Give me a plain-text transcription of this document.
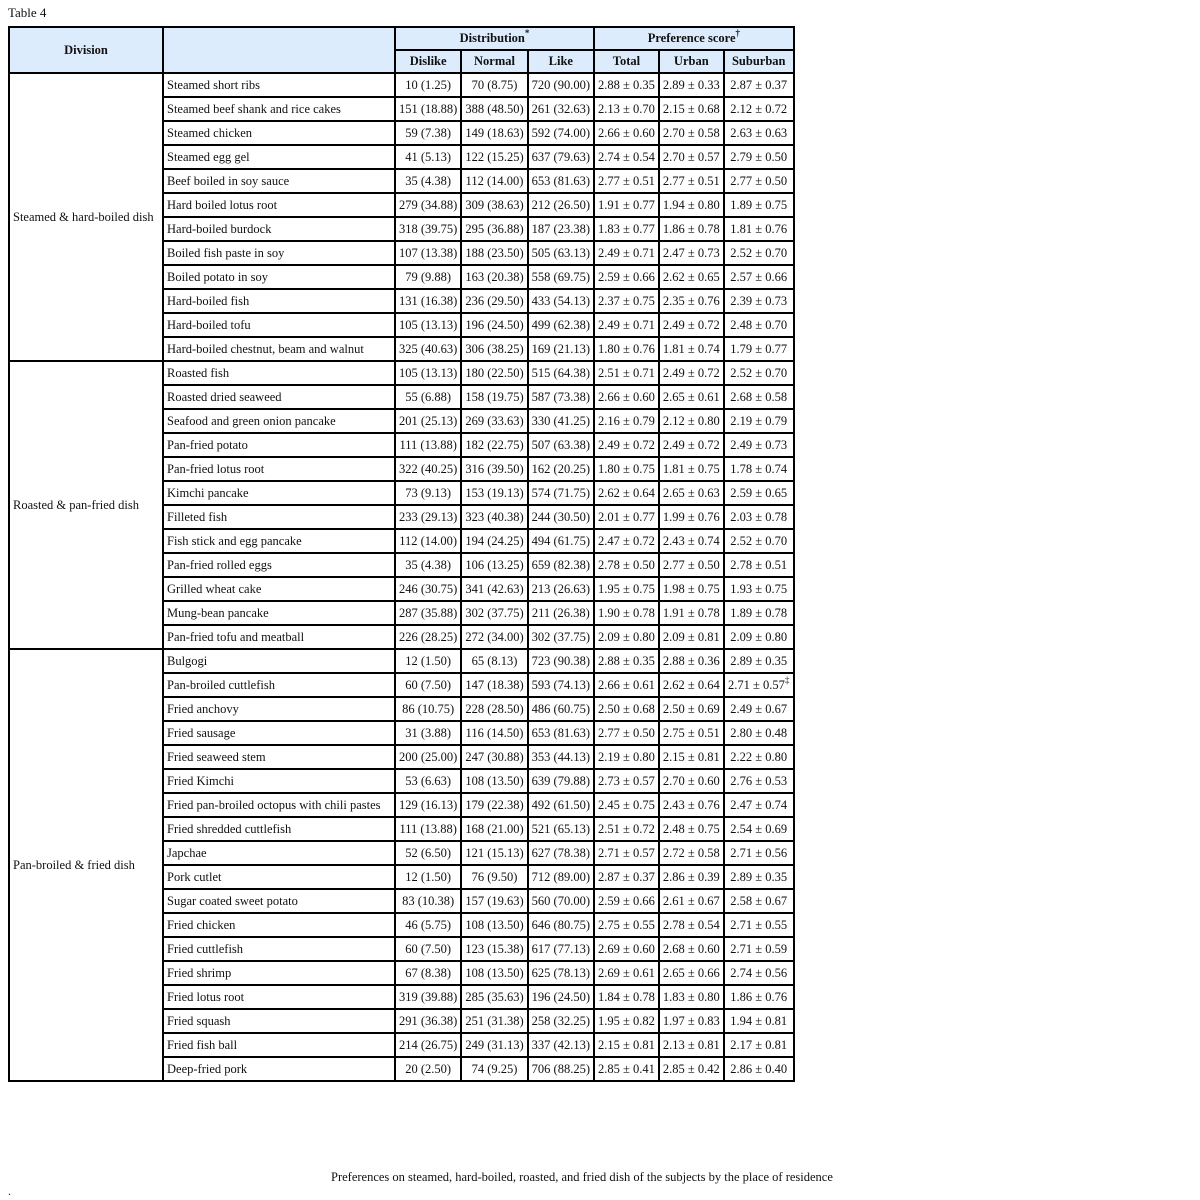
Table 4
Division		Distribution*			Preference score†
		Dislike	Normal	Like	Total	Urban	Suburban
Steamed & hard-boiled dish	Steamed short ribs	10 (1.25)	70 (8.75)	720 (90.00)	2.88 ± 0.35	2.89 ± 0.33	2.87 ± 0.37
	Steamed beef shank and rice cakes	151 (18.88)	388 (48.50)	261 (32.63)	2.13 ± 0.70	2.15 ± 0.68	2.12 ± 0.72
	Steamed chicken	59 (7.38)	149 (18.63)	592 (74.00)	2.66 ± 0.60	2.70 ± 0.58	2.63 ± 0.63
	Steamed egg gel	41 (5.13)	122 (15.25)	637 (79.63)	2.74 ± 0.54	2.70 ± 0.57	2.79 ± 0.50
	Beef boiled in soy sauce	35 (4.38)	112 (14.00)	653 (81.63)	2.77 ± 0.51	2.77 ± 0.51	2.77 ± 0.50
	Hard boiled lotus root	279 (34.88)	309 (38.63)	212 (26.50)	1.91 ± 0.77	1.94 ± 0.80	1.89 ± 0.75
	Hard-boiled burdock	318 (39.75)	295 (36.88)	187 (23.38)	1.83 ± 0.77	1.86 ± 0.78	1.81 ± 0.76
	Boiled fish paste in soy	107 (13.38)	188 (23.50)	505 (63.13)	2.49 ± 0.71	2.47 ± 0.73	2.52 ± 0.70
	Boiled potato in soy	79 (9.88)	163 (20.38)	558 (69.75)	2.59 ± 0.66	2.62 ± 0.65	2.57 ± 0.66
	Hard-boiled fish	131 (16.38)	236 (29.50)	433 (54.13)	2.37 ± 0.75	2.35 ± 0.76	2.39 ± 0.73
	Hard-boiled tofu	105 (13.13)	196 (24.50)	499 (62.38)	2.49 ± 0.71	2.49 ± 0.72	2.48 ± 0.70
	Hard-boiled chestnut, beam and walnut	325 (40.63)	306 (38.25)	169 (21.13)	1.80 ± 0.76	1.81 ± 0.74	1.79 ± 0.77
Roasted & pan-fried dish	Roasted fish	105 (13.13)	180 (22.50)	515 (64.38)	2.51 ± 0.71	2.49 ± 0.72	2.52 ± 0.70
	Roasted dried seaweed	55 (6.88)	158 (19.75)	587 (73.38)	2.66 ± 0.60	2.65 ± 0.61	2.68 ± 0.58
	Seafood and green onion pancake	201 (25.13)	269 (33.63)	330 (41.25)	2.16 ± 0.79	2.12 ± 0.80	2.19 ± 0.79
	Pan-fried potato	111 (13.88)	182 (22.75)	507 (63.38)	2.49 ± 0.72	2.49 ± 0.72	2.49 ± 0.73
	Pan-fried lotus root	322 (40.25)	316 (39.50)	162 (20.25)	1.80 ± 0.75	1.81 ± 0.75	1.78 ± 0.74
	Kimchi pancake	73 (9.13)	153 (19.13)	574 (71.75)	2.62 ± 0.64	2.65 ± 0.63	2.59 ± 0.65
	Filleted fish	233 (29.13)	323 (40.38)	244 (30.50)	2.01 ± 0.77	1.99 ± 0.76	2.03 ± 0.78
	Fish stick and egg pancake	112 (14.00)	194 (24.25)	494 (61.75)	2.47 ± 0.72	2.43 ± 0.74	2.52 ± 0.70
	Pan-fried rolled eggs	35 (4.38)	106 (13.25)	659 (82.38)	2.78 ± 0.50	2.77 ± 0.50	2.78 ± 0.51
	Grilled wheat cake	246 (30.75)	341 (42.63)	213 (26.63)	1.95 ± 0.75	1.98 ± 0.75	1.93 ± 0.75
	Mung-bean pancake	287 (35.88)	302 (37.75)	211 (26.38)	1.90 ± 0.78	1.91 ± 0.78	1.89 ± 0.78
	Pan-fried tofu and meatball	226 (28.25)	272 (34.00)	302 (37.75)	2.09 ± 0.80	2.09 ± 0.81	2.09 ± 0.80
Pan-broiled & fried dish	Bulgogi	12 (1.50)	65 (8.13)	723 (90.38)	2.88 ± 0.35	2.88 ± 0.36	2.89 ± 0.35
	Pan-broiled cuttlefish	60 (7.50)	147 (18.38)	593 (74.13)	2.66 ± 0.61	2.62 ± 0.64	2.71 ± 0.57‡
	Fried anchovy	86 (10.75)	228 (28.50)	486 (60.75)	2.50 ± 0.68	2.50 ± 0.69	2.49 ± 0.67
	Fried sausage	31 (3.88)	116 (14.50)	653 (81.63)	2.77 ± 0.50	2.75 ± 0.51	2.80 ± 0.48
	Fried seaweed stem	200 (25.00)	247 (30.88)	353 (44.13)	2.19 ± 0.80	2.15 ± 0.81	2.22 ± 0.80
	Fried Kimchi	53 (6.63)	108 (13.50)	639 (79.88)	2.73 ± 0.57	2.70 ± 0.60	2.76 ± 0.53
	Fried pan-broiled octopus with chili pastes	129 (16.13)	179 (22.38)	492 (61.50)	2.45 ± 0.75	2.43 ± 0.76	2.47 ± 0.74
	Fried shredded cuttlefish	111 (13.88)	168 (21.00)	521 (65.13)	2.51 ± 0.72	2.48 ± 0.75	2.54 ± 0.69
	Japchae	52 (6.50)	121 (15.13)	627 (78.38)	2.71 ± 0.57	2.72 ± 0.58	2.71 ± 0.56
	Pork cutlet	12 (1.50)	76 (9.50)	712 (89.00)	2.87 ± 0.37	2.86 ± 0.39	2.89 ± 0.35
	Sugar coated sweet potato	83 (10.38)	157 (19.63)	560 (70.00)	2.59 ± 0.66	2.61 ± 0.67	2.58 ± 0.67
	Fried chicken	46 (5.75)	108 (13.50)	646 (80.75)	2.75 ± 0.55	2.78 ± 0.54	2.71 ± 0.55
	Fried cuttlefish	60 (7.50)	123 (15.38)	617 (77.13)	2.69 ± 0.60	2.68 ± 0.60	2.71 ± 0.59
	Fried shrimp	67 (8.38)	108 (13.50)	625 (78.13)	2.69 ± 0.61	2.65 ± 0.66	2.74 ± 0.56
	Fried lotus root	319 (39.88)	285 (35.63)	196 (24.50)	1.84 ± 0.78	1.83 ± 0.80	1.86 ± 0.76
	Fried squash	291 (36.38)	251 (31.38)	258 (32.25)	1.95 ± 0.82	1.97 ± 0.83	1.94 ± 0.81
	Fried fish ball	214 (26.75)	249 (31.13)	337 (42.13)	2.15 ± 0.81	2.13 ± 0.81	2.17 ± 0.81
	Deep-fried pork	20 (2.50)	74 (9.25)	706 (88.25)	2.85 ± 0.41	2.85 ± 0.42	2.86 ± 0.40
Preferences on steamed, hard-boiled, roasted, and fried dish of the subjects by the place of residence
.
